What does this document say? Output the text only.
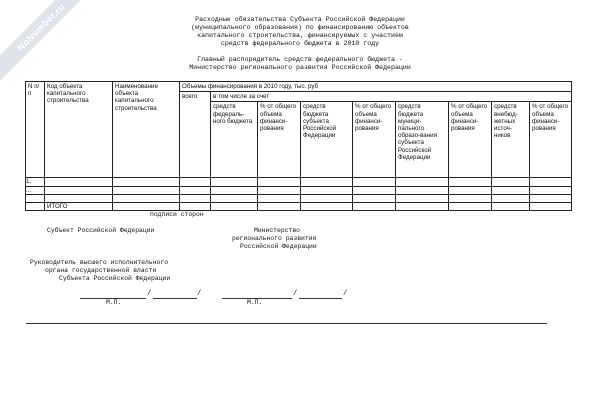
NoNumber.ru	Расходные обязательства Субъекта Российской Федерации
(муниципального образования) по финансированию объектов
капитального строительства, финансируемых с участием
средств федерального бюджета в 2010 году
Главный распорядитель средств федерального бюджета -
Министерство регионального развития Российской Федерации
N п/п	Код объекта капитального строительства	Наименование объекта капитального строительства	Объемы финансирования в 2010 году, тыс. руб								
			всего	в том числе за счет							
				средств федераль-ного бюджета	% от общего объема финанси-рования	средств бюджета субъекта Российской Федерации	% от общего объема финанси-рования	средств бюджета муници-пального образо-вания субъекта Российской Федерации	% от общего объема финанси-рования	средств внебюд-жетных источ-ников	% от общего объема финанси-рования
1.											
...											

	ИТОГО										
подписи сторон
Субъект Российской Федерации	Министерство
регионального развития
Российской Федерации
Руководитель высшего исполнительного
органа государственной власти
Субъекта Российской Федерации
/	/
М.П.
/	/
М.П.
